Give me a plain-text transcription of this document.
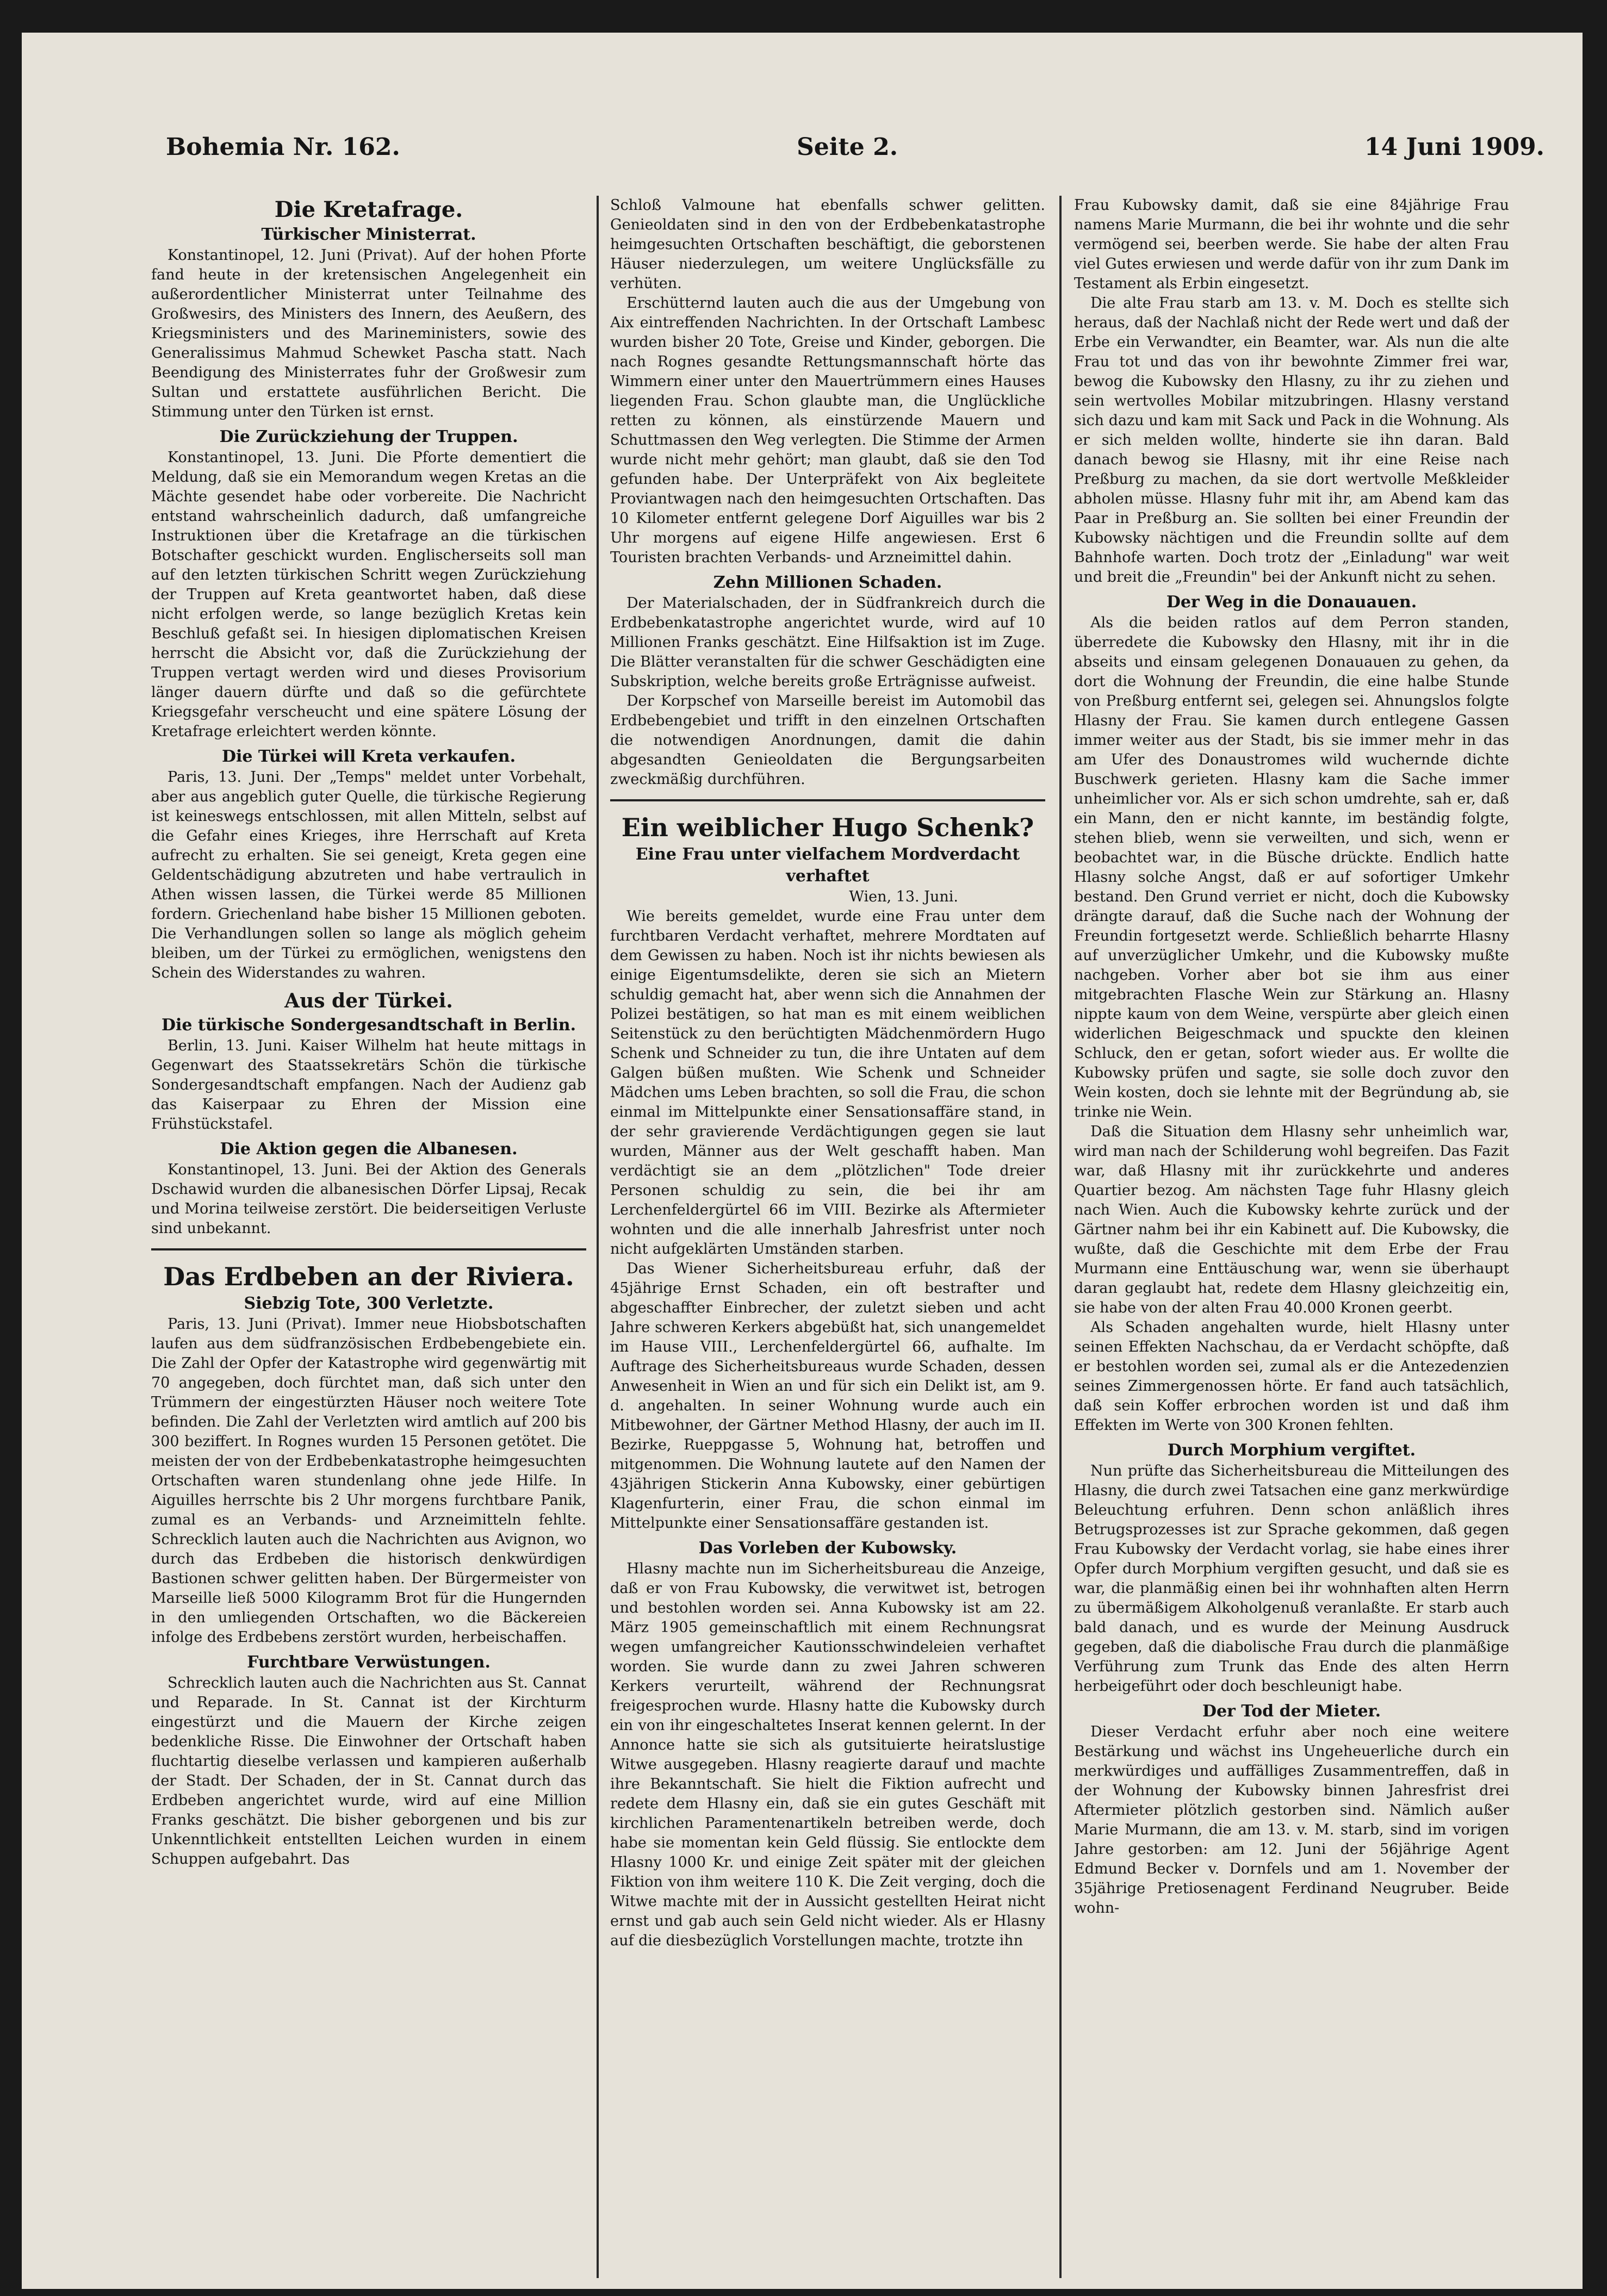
Bohemia Nr. 162.	Seite 2.	14 Juni 1909.

Die Kretafrage.

Türkischer Ministerrat.

Konstantinopel, 12. Juni (Privat). Auf der hohen Pforte fand heute in der kretensischen Angelegenheit ein außerordentlicher Ministerrat unter Teilnahme des Großwesirs, des Ministers des Innern, des Aeußern, des Kriegsministers und des Marineministers, sowie des Generalissimus Mahmud Schewket Pascha statt. Nach Beendigung des Ministerrates fuhr der Großwesir zum Sultan und erstattete ausführlichen Bericht. Die Stimmung unter den Türken ist ernst.

Die Zurückziehung der Truppen.

Konstantinopel, 13. Juni. Die Pforte dementiert die Meldung, daß sie ein Memorandum wegen Kretas an die Mächte gesendet habe oder vorbereite. Die Nachricht entstand wahrscheinlich dadurch, daß umfangreiche Instruktionen über die Kretafrage an die türkischen Botschafter geschickt wurden. Englischerseits soll man auf den letzten türkischen Schritt wegen Zurückziehung der Truppen auf Kreta geantwortet haben, daß diese nicht erfolgen werde, so lange bezüglich Kretas kein Beschluß gefaßt sei. In hiesigen diplomatischen Kreisen herrscht die Absicht vor, daß die Zurückziehung der Truppen vertagt werden wird und dieses Provisorium länger dauern dürfte und daß so die gefürchtete Kriegsgefahr verscheucht und eine spätere Lösung der Kretafrage erleichtert werden könnte.

Die Türkei will Kreta verkaufen.

Paris, 13. Juni. Der „Temps" meldet unter Vorbehalt, aber aus angeblich guter Quelle, die türkische Regierung ist keineswegs entschlossen, mit allen Mitteln, selbst auf die Gefahr eines Krieges, ihre Herrschaft auf Kreta aufrecht zu erhalten. Sie sei geneigt, Kreta gegen eine Geldentschädigung abzutreten und habe vertraulich in Athen wissen lassen, die Türkei werde 85 Millionen fordern. Griechenland habe bisher 15 Millionen geboten. Die Verhandlungen sollen so lange als möglich geheim bleiben, um der Türkei zu ermöglichen, wenigstens den Schein des Widerstandes zu wahren.

Aus der Türkei.

Die türkische Sondergesandtschaft in Berlin.

Berlin, 13. Juni. Kaiser Wilhelm hat heute mittags in Gegenwart des Staatssekretärs Schön die türkische Sondergesandtschaft empfangen. Nach der Audienz gab das Kaiserpaar zu Ehren der Mission eine Frühstückstafel.

Die Aktion gegen die Albanesen.

Konstantinopel, 13. Juni. Bei der Aktion des Generals Dschawid wurden die albanesischen Dörfer Lipsaj, Recak und Morina teilweise zerstört. Die beiderseitigen Verluste sind unbekannt.

Das Erdbeben an der Riviera.

Siebzig Tote, 300 Verletzte.

Paris, 13. Juni (Privat). Immer neue Hiobsbotschaften laufen aus dem südfranzösischen Erdbebengebiete ein. Die Zahl der Opfer der Katastrophe wird gegenwärtig mit 70 angegeben, doch fürchtet man, daß sich unter den Trümmern der eingestürzten Häuser noch weitere Tote befinden. Die Zahl der Verletzten wird amtlich auf 200 bis 300 beziffert. In Rognes wurden 15 Personen getötet. Die meisten der von der Erdbebenkatastrophe heimgesuchten Ortschaften waren stundenlang ohne jede Hilfe. In Aiguilles herrschte bis 2 Uhr morgens furchtbare Panik, zumal es an Verbands- und Arzneimitteln fehlte. Schrecklich lauten auch die Nachrichten aus Avignon, wo durch das Erdbeben die historisch denkwürdigen Bastionen schwer gelitten haben. Der Bürgermeister von Marseille ließ 5000 Kilogramm Brot für die Hungernden in den umliegenden Ortschaften, wo die Bäckereien infolge des Erdbebens zerstört wurden, herbeischaffen.

Furchtbare Verwüstungen.

Schrecklich lauten auch die Nachrichten aus St. Cannat und Reparade. In St. Cannat ist der Kirchturm eingestürzt und die Mauern der Kirche zeigen bedenkliche Risse. Die Einwohner der Ortschaft haben fluchtartig dieselbe verlassen und kampieren außerhalb der Stadt. Der Schaden, der in St. Cannat durch das Erdbeben angerichtet wurde, wird auf eine Million Franks geschätzt. Die bisher geborgenen und bis zur Unkenntlichkeit entstellten Leichen wurden in einem Schuppen aufgebahrt. Das

Schloß Valmoune hat ebenfalls schwer gelitten. Genieoldaten sind in den von der Erdbebenkatastrophe heimgesuchten Ortschaften beschäftigt, die geborstenen Häuser niederzulegen, um weitere Unglücksfälle zu verhüten.

Erschütternd lauten auch die aus der Umgebung von Aix eintreffenden Nachrichten. In der Ortschaft Lambesc wurden bisher 20 Tote, Greise und Kinder, geborgen. Die nach Rognes gesandte Rettungsmannschaft hörte das Wimmern einer unter den Mauertrümmern eines Hauses liegenden Frau. Schon glaubte man, die Unglückliche retten zu können, als einstürzende Mauern und Schuttmassen den Weg verlegten. Die Stimme der Armen wurde nicht mehr gehört; man glaubt, daß sie den Tod gefunden habe. Der Unterpräfekt von Aix begleitete Proviantwagen nach den heimgesuchten Ortschaften. Das 10 Kilometer entfernt gelegene Dorf Aiguilles war bis 2 Uhr morgens auf eigene Hilfe angewiesen. Erst 6 Touristen brachten Verbands- und Arzneimittel dahin.

Zehn Millionen Schaden.

Der Materialschaden, der in Südfrankreich durch die Erdbebenkatastrophe angerichtet wurde, wird auf 10 Millionen Franks geschätzt. Eine Hilfsaktion ist im Zuge. Die Blätter veranstalten für die schwer Geschädigten eine Subskription, welche bereits große Erträgnisse aufweist.

Der Korpschef von Marseille bereist im Automobil das Erdbebengebiet und trifft in den einzelnen Ortschaften die notwendigen Anordnungen, damit die dahin abgesandten Genieoldaten die Bergungsarbeiten zweckmäßig durchführen.

Ein weiblicher Hugo Schenk?

Eine Frau unter vielfachem Mordverdacht verhaftet

Wien, 13. Juni.

Wie bereits gemeldet, wurde eine Frau unter dem furchtbaren Verdacht verhaftet, mehrere Mordtaten auf dem Gewissen zu haben. Noch ist ihr nichts bewiesen als einige Eigentumsdelikte, deren sie sich an Mietern schuldig gemacht hat, aber wenn sich die Annahmen der Polizei bestätigen, so hat man es mit einem weiblichen Seitenstück zu den berüchtigten Mädchenmördern Hugo Schenk und Schneider zu tun, die ihre Untaten auf dem Galgen büßen mußten. Wie Schenk und Schneider Mädchen ums Leben brachten, so soll die Frau, die schon einmal im Mittelpunkte einer Sensationsaffäre stand, in der sehr gravierende Verdächtigungen gegen sie laut wurden, Männer aus der Welt geschafft haben. Man verdächtigt sie an dem „plötzlichen" Tode dreier Personen schuldig zu sein, die bei ihr am Lerchenfeldergürtel 66 im VIII. Bezirke als Aftermieter wohnten und die alle innerhalb Jahresfrist unter noch nicht aufgeklärten Umständen starben.

Das Wiener Sicherheitsbureau erfuhr, daß der 45jährige Ernst Schaden, ein oft bestrafter und abgeschaffter Einbrecher, der zuletzt sieben und acht Jahre schweren Kerkers abgebüßt hat, sich unangemeldet im Hause VIII., Lerchenfeldergürtel 66, aufhalte. Im Auftrage des Sicherheitsbureaus wurde Schaden, dessen Anwesenheit in Wien an und für sich ein Delikt ist, am 9. d. angehalten. In seiner Wohnung wurde auch ein Mitbewohner, der Gärtner Method Hlasny, der auch im II. Bezirke, Rueppgasse 5, Wohnung hat, betroffen und mitgenommen. Die Wohnung lautete auf den Namen der 43jährigen Stickerin Anna Kubowsky, einer gebürtigen Klagenfurterin, einer Frau, die schon einmal im Mittelpunkte einer Sensationsaffäre gestanden ist.

Das Vorleben der Kubowsky.

Hlasny machte nun im Sicherheitsbureau die Anzeige, daß er von Frau Kubowsky, die verwitwet ist, betrogen und bestohlen worden sei. Anna Kubowsky ist am 22. März 1905 gemeinschaftlich mit einem Rechnungsrat wegen umfangreicher Kautionsschwindeleien verhaftet worden. Sie wurde dann zu zwei Jahren schweren Kerkers verurteilt, während der Rechnungsrat freigesprochen wurde. Hlasny hatte die Kubowsky durch ein von ihr eingeschaltetes Inserat kennen gelernt. In der Annonce hatte sie sich als gutsituierte heiratslustige Witwe ausgegeben. Hlasny reagierte darauf und machte ihre Bekanntschaft. Sie hielt die Fiktion aufrecht und redete dem Hlasny ein, daß sie ein gutes Geschäft mit kirchlichen Paramentenartikeln betreiben werde, doch habe sie momentan kein Geld flüssig. Sie entlockte dem Hlasny 1000 Kr. und einige Zeit später mit der gleichen Fiktion von ihm weitere 110 K. Die Zeit verging, doch die Witwe machte mit der in Aussicht gestellten Heirat nicht ernst und gab auch sein Geld nicht wieder. Als er Hlasny auf die diesbezüglich Vorstellungen machte, trotzte ihn

Frau Kubowsky damit, daß sie eine 84jährige Frau namens Marie Murmann, die bei ihr wohnte und die sehr vermögend sei, beerben werde. Sie habe der alten Frau viel Gutes erwiesen und werde dafür von ihr zum Dank im Testament als Erbin eingesetzt.

Die alte Frau starb am 13. v. M. Doch es stellte sich heraus, daß der Nachlaß nicht der Rede wert und daß der Erbe ein Verwandter, ein Beamter, war. Als nun die alte Frau tot und das von ihr bewohnte Zimmer frei war, bewog die Kubowsky den Hlasny, zu ihr zu ziehen und sein wertvolles Mobilar mitzubringen. Hlasny verstand sich dazu und kam mit Sack und Pack in die Wohnung. Als er sich melden wollte, hinderte sie ihn daran. Bald danach bewog sie Hlasny, mit ihr eine Reise nach Preßburg zu machen, da sie dort wertvolle Meßkleider abholen müsse. Hlasny fuhr mit ihr, am Abend kam das Paar in Preßburg an. Sie sollten bei einer Freundin der Kubowsky nächtigen und die Freundin sollte auf dem Bahnhofe warten. Doch trotz der „Einladung" war weit und breit die „Freundin" bei der Ankunft nicht zu sehen.

Der Weg in die Donauauen.

Als die beiden ratlos auf dem Perron standen, überredete die Kubowsky den Hlasny, mit ihr in die abseits und einsam gelegenen Donauauen zu gehen, da dort die Wohnung der Freundin, die eine halbe Stunde von Preßburg entfernt sei, gelegen sei. Ahnungslos folgte Hlasny der Frau. Sie kamen durch entlegene Gassen immer weiter aus der Stadt, bis sie immer mehr in das am Ufer des Donaustromes wild wuchernde dichte Buschwerk gerieten. Hlasny kam die Sache immer unheimlicher vor. Als er sich schon umdrehte, sah er, daß ein Mann, den er nicht kannte, im beständig folgte, stehen blieb, wenn sie verweilten, und sich, wenn er beobachtet war, in die Büsche drückte. Endlich hatte Hlasny solche Angst, daß er auf sofortiger Umkehr bestand. Den Grund verriet er nicht, doch die Kubowsky drängte darauf, daß die Suche nach der Wohnung der Freundin fortgesetzt werde. Schließlich beharrte Hlasny auf unverzüglicher Umkehr, und die Kubowsky mußte nachgeben. Vorher aber bot sie ihm aus einer mitgebrachten Flasche Wein zur Stärkung an. Hlasny nippte kaum von dem Weine, verspürte aber gleich einen widerlichen Beigeschmack und spuckte den kleinen Schluck, den er getan, sofort wieder aus. Er wollte die Kubowsky prüfen und sagte, sie solle doch zuvor den Wein kosten, doch sie lehnte mit der Begründung ab, sie trinke nie Wein.

Daß die Situation dem Hlasny sehr unheimlich war, wird man nach der Schilderung wohl begreifen. Das Fazit war, daß Hlasny mit ihr zurückkehrte und anderes Quartier bezog. Am nächsten Tage fuhr Hlasny gleich nach Wien. Auch die Kubowsky kehrte zurück und der Gärtner nahm bei ihr ein Kabinett auf. Die Kubowsky, die wußte, daß die Geschichte mit dem Erbe der Frau Murmann eine Enttäuschung war, wenn sie überhaupt daran geglaubt hat, redete dem Hlasny gleichzeitig ein, sie habe von der alten Frau 40.000 Kronen geerbt.

Als Schaden angehalten wurde, hielt Hlasny unter seinen Effekten Nachschau, da er Verdacht schöpfte, daß er bestohlen worden sei, zumal als er die Antezedenzien seines Zimmergenossen hörte. Er fand auch tatsächlich, daß sein Koffer erbrochen worden ist und daß ihm Effekten im Werte von 300 Kronen fehlten.

Durch Morphium vergiftet.

Nun prüfte das Sicherheitsbureau die Mitteilungen des Hlasny, die durch zwei Tatsachen eine ganz merkwürdige Beleuchtung erfuhren. Denn schon anläßlich ihres Betrugsprozesses ist zur Sprache gekommen, daß gegen Frau Kubowsky der Verdacht vorlag, sie habe eines ihrer Opfer durch Morphium vergiften gesucht, und daß sie es war, die planmäßig einen bei ihr wohnhaften alten Herrn zu übermäßigem Alkoholgenuß veranlaßte. Er starb auch bald danach, und es wurde der Meinung Ausdruck gegeben, daß die diabolische Frau durch die planmäßige Verführung zum Trunk das Ende des alten Herrn herbeigeführt oder doch beschleunigt habe.

Der Tod der Mieter.

Dieser Verdacht erfuhr aber noch eine weitere Bestärkung und wächst ins Ungeheuerliche durch ein merkwürdiges und auffälliges Zusammentreffen, daß in der Wohnung der Kubowsky binnen Jahresfrist drei Aftermieter plötzlich gestorben sind. Nämlich außer Marie Murmann, die am 13. v. M. starb, sind im vorigen Jahre gestorben: am 12. Juni der 56jährige Agent Edmund Becker v. Dornfels und am 1. November der 35jährige Pretiosenagent Ferdinand Neugruber. Beide wohn-
